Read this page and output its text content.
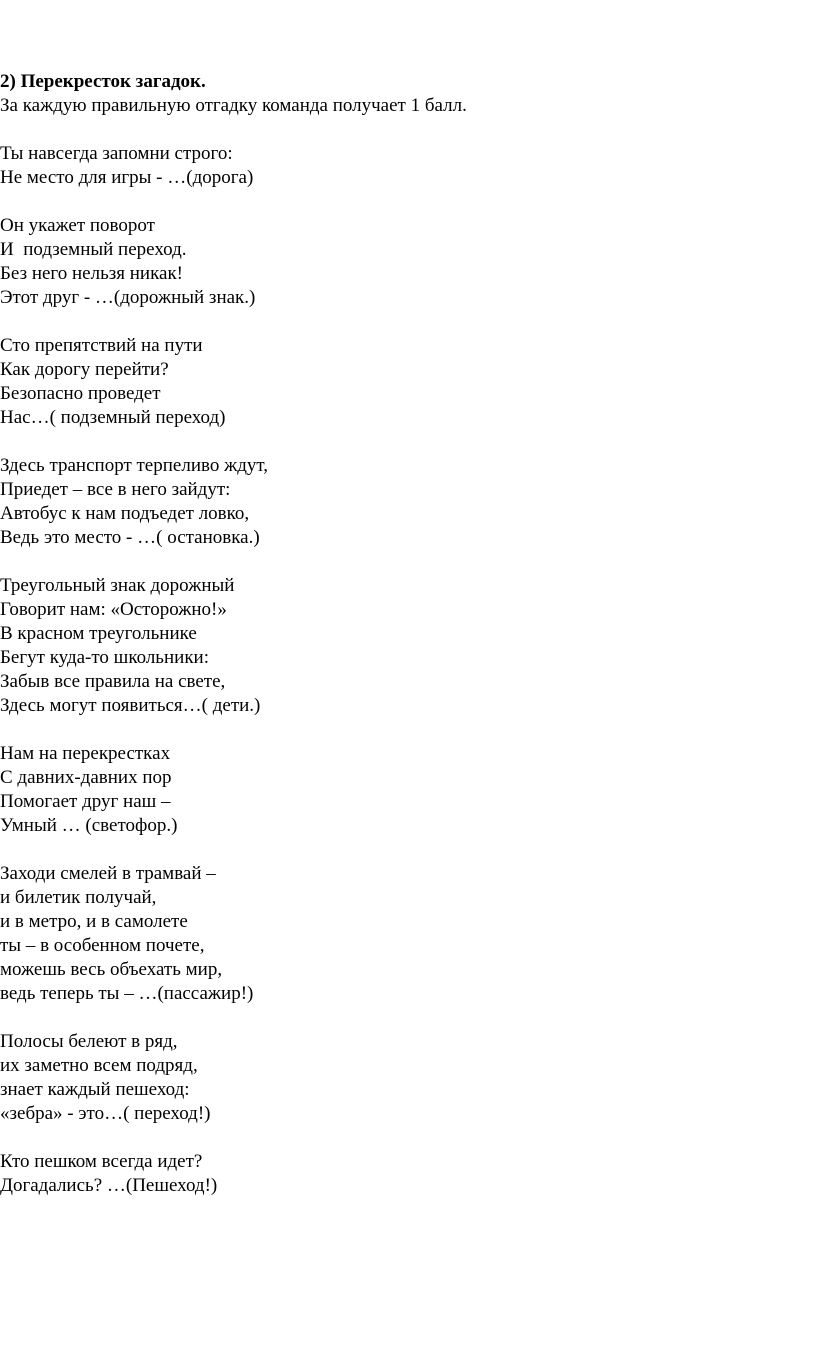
2) Перекресток загадок.

За каждую правильную отгадку команда получает 1 балл.

Ты навсегда запомни строго:
Не место для игры - …(дорога)
Он укажет поворот
И  подземный переход.
Без него нельзя никак!
Этот друг - …(дорожный знак.)
Сто препятствий на пути
Как дорогу перейти?
Безопасно проведет
Нас…( подземный переход)
Здесь транспорт терпеливо ждут,
Приедет – все в него зайдут:
Автобус к нам подъедет ловко,
Ведь это место - …( остановка.)
Треугольный знак дорожный
Говорит нам: «Осторожно!»
В красном треугольнике
Бегут куда-то школьники:
Забыв все правила на свете,
Здесь могут появиться…( дети.)
Нам на перекрестках
С давних-давних пор
Помогает друг наш –
Умный … (светофор.)
Заходи смелей в трамвай –
и билетик получай,
и в метро, и в самолете
ты – в особенном почете,
можешь весь объехать мир,
ведь теперь ты – …(пассажир!)
Полосы белеют в ряд,
их заметно всем подряд,
знает каждый пешеход:
«зебра» - это…( переход!)
Кто пешком всегда идет?
Догадались? …(Пешеход!)
